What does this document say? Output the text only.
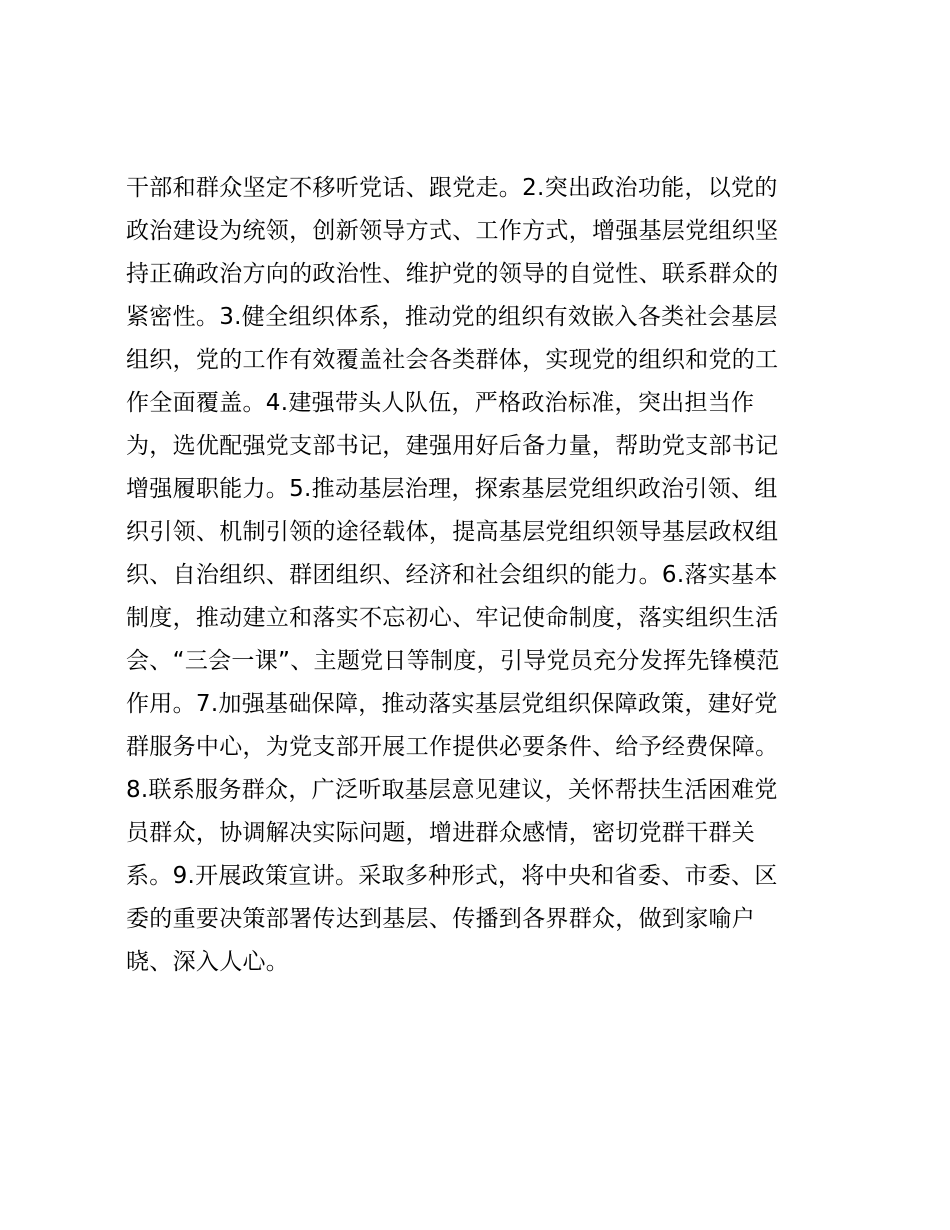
干部和群众坚定不移听党话、跟党走。2.突出政治功能，以党的
政治建设为统领，创新领导方式、工作方式，增强基层党组织坚
持正确政治方向的政治性、维护党的领导的自觉性、联系群众的
紧密性。3.健全组织体系，推动党的组织有效嵌入各类社会基层
组织，党的工作有效覆盖社会各类群体，实现党的组织和党的工
作全面覆盖。4.建强带头人队伍，严格政治标准，突出担当作
为，选优配强党支部书记，建强用好后备力量，帮助党支部书记
增强履职能力。5.推动基层治理，探索基层党组织政治引领、组
织引领、机制引领的途径载体，提高基层党组织领导基层政权组
织、自治组织、群团组织、经济和社会组织的能力。6.落实基本
制度，推动建立和落实不忘初心、牢记使命制度，落实组织生活
会、“三会一课”、主题党日等制度，引导党员充分发挥先锋模范
作用。7.加强基础保障，推动落实基层党组织保障政策，建好党
群服务中心，为党支部开展工作提供必要条件、给予经费保障。
8.联系服务群众，广泛听取基层意见建议，关怀帮扶生活困难党
员群众，协调解决实际问题，增进群众感情，密切党群干群关
系。9.开展政策宣讲。采取多种形式，将中央和省委、市委、区
委的重要决策部署传达到基层、传播到各界群众，做到家喻户
晓、深入人心。
